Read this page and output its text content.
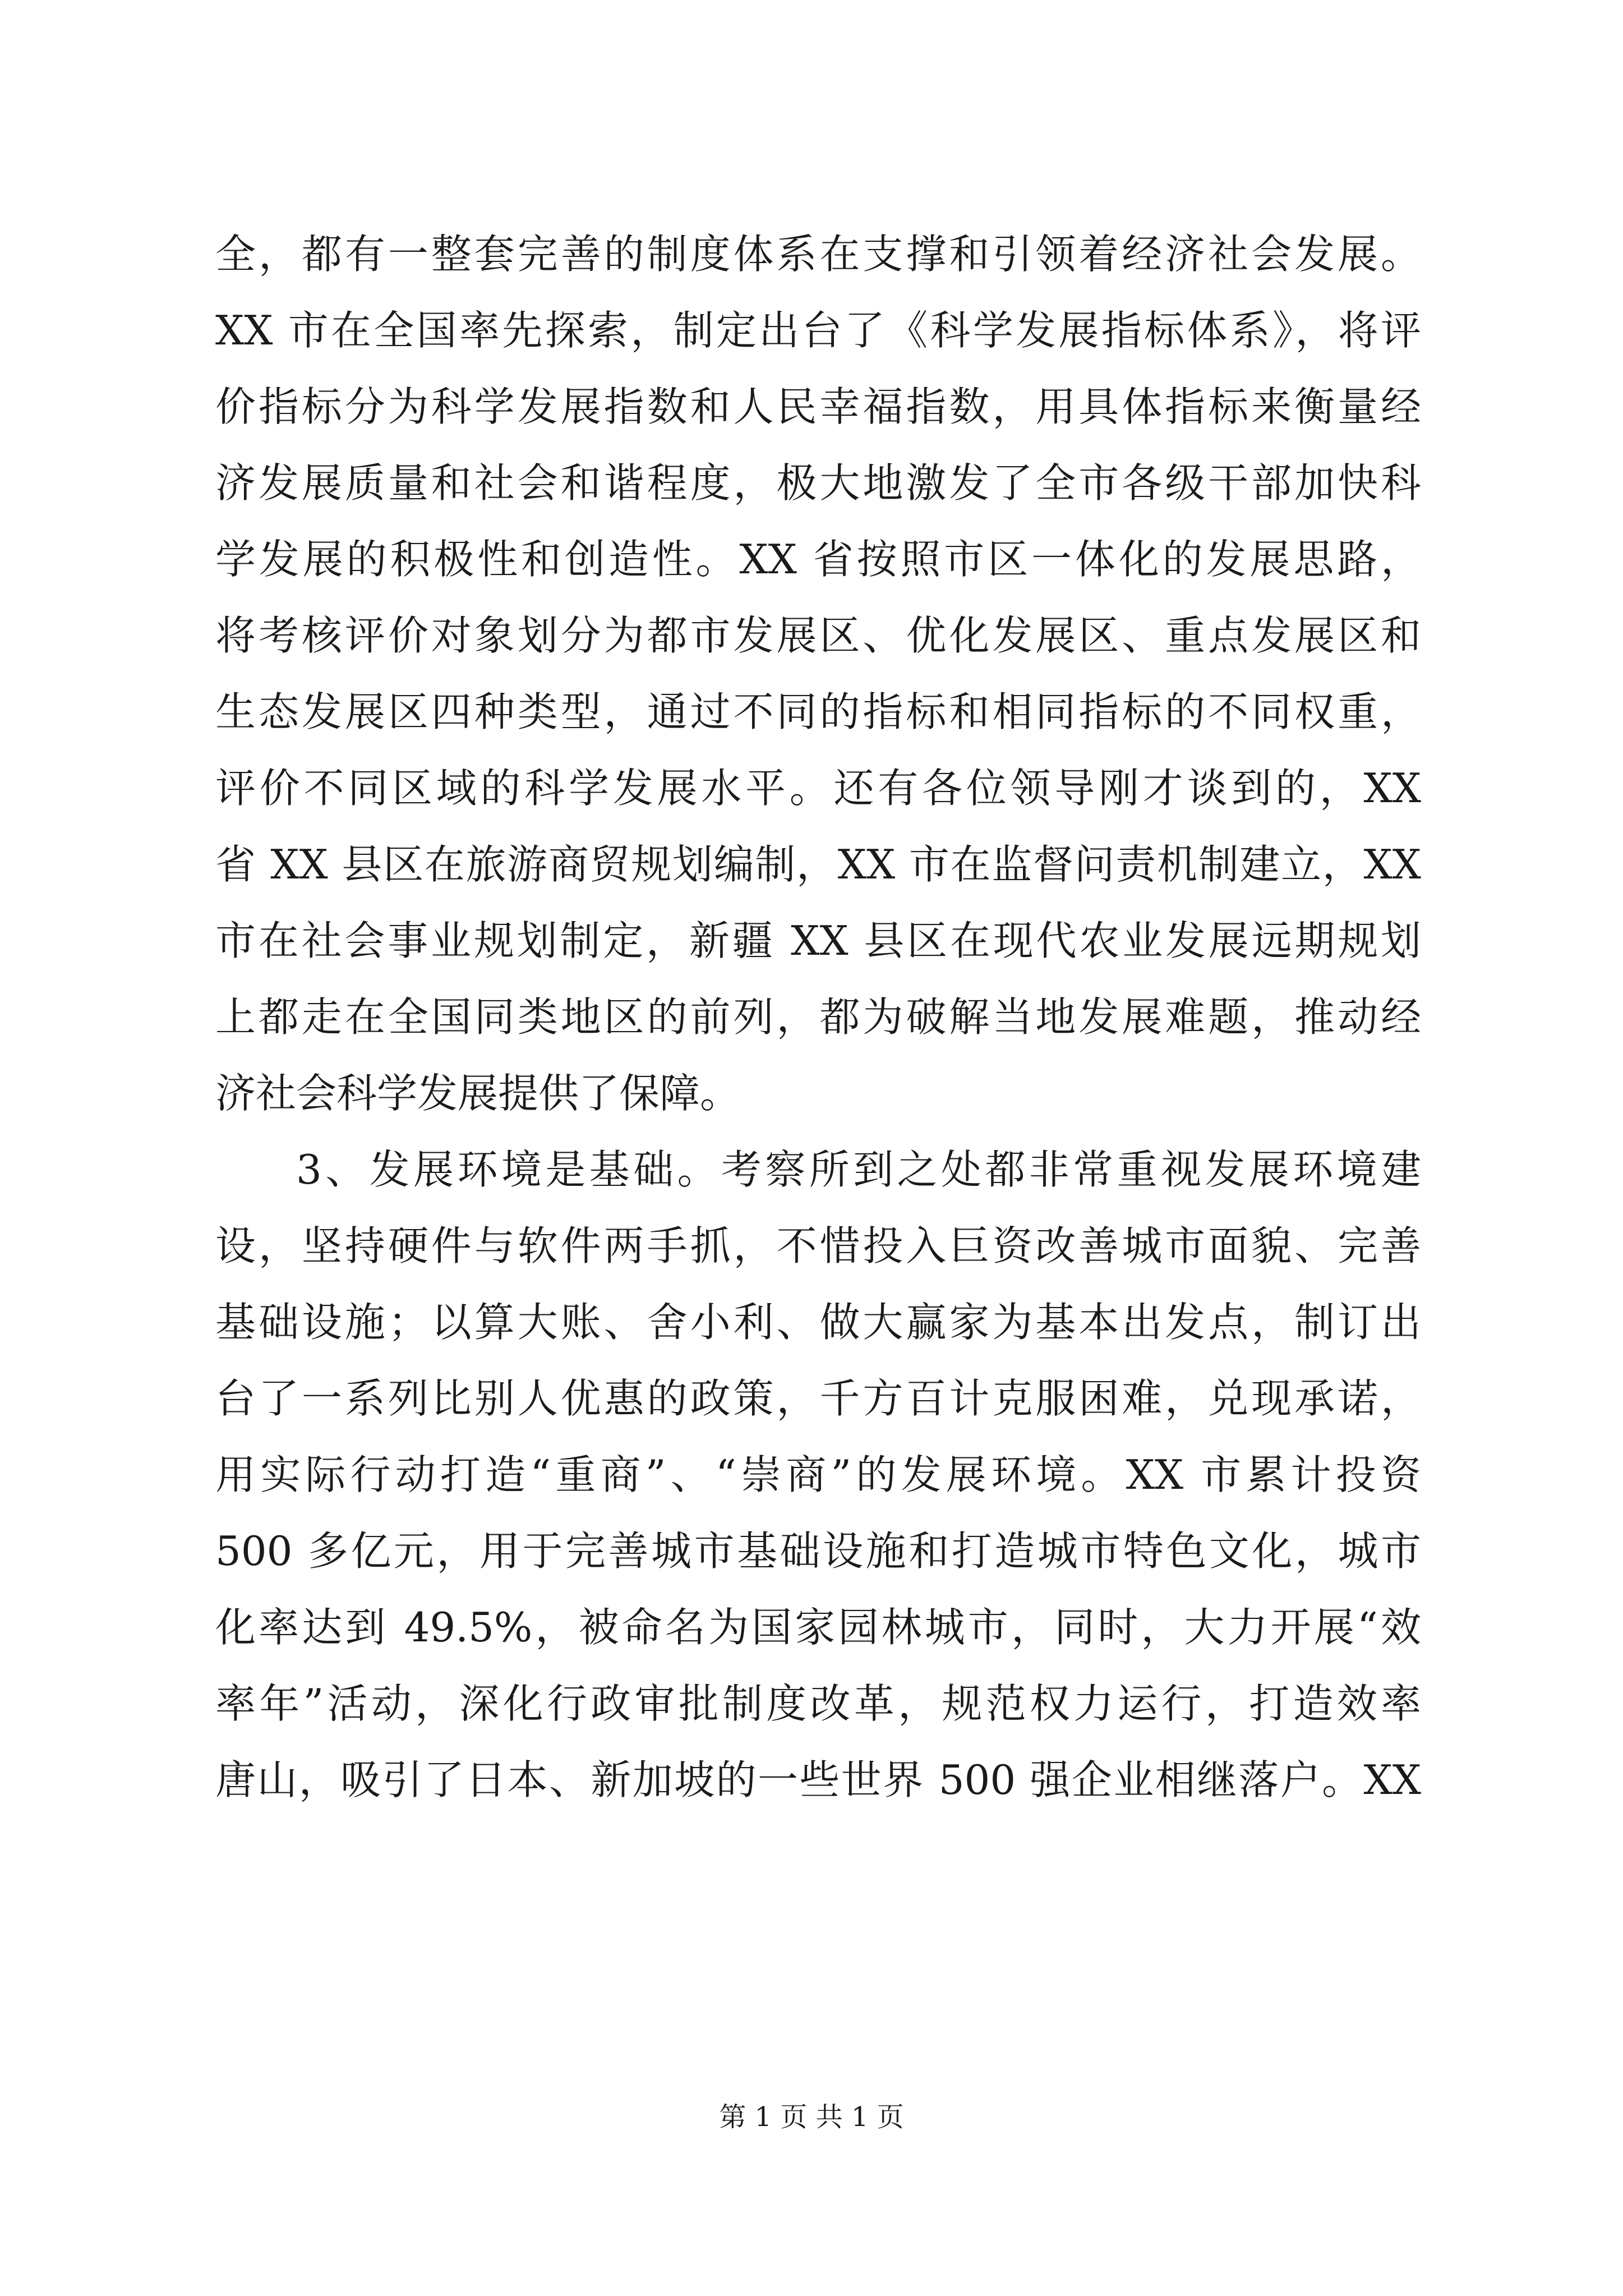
全，都有一整套完善的制度体系在支撑和引领着经济社会发展。
XX 市在全国率先探索，制定出台了《科学发展指标体系》，将评
价指标分为科学发展指数和人民幸福指数，用具体指标来衡量经
济发展质量和社会和谐程度，极大地激发了全市各级干部加快科
学发展的积极性和创造性。XX 省按照市区一体化的发展思路，
将考核评价对象划分为都市发展区、优化发展区、重点发展区和
生态发展区四种类型，通过不同的指标和相同指标的不同权重，
评价不同区域的科学发展水平。还有各位领导刚才谈到的，XX
省 XX 县区在旅游商贸规划编制，XX 市在监督问责机制建立，XX
市在社会事业规划制定，新疆 XX 县区在现代农业发展远期规划
上都走在全国同类地区的前列，都为破解当地发展难题，推动经
济社会科学发展提供了保障。
3、发展环境是基础。考察所到之处都非常重视发展环境建
设，坚持硬件与软件两手抓，不惜投入巨资改善城市面貌、完善
基础设施；以算大账、舍小利、做大赢家为基本出发点，制订出
台了一系列比别人优惠的政策，千方百计克服困难，兑现承诺，
用实际行动打造“重商”、“崇商”的发展环境。XX 市累计投资
500 多亿元，用于完善城市基础设施和打造城市特色文化，城市
化率达到 49.5%，被命名为国家园林城市，同时，大力开展“效
率年”活动，深化行政审批制度改革，规范权力运行，打造效率
唐山，吸引了日本、新加坡的一些世界 500 强企业相继落户。XX
第 1 页 共 1 页
